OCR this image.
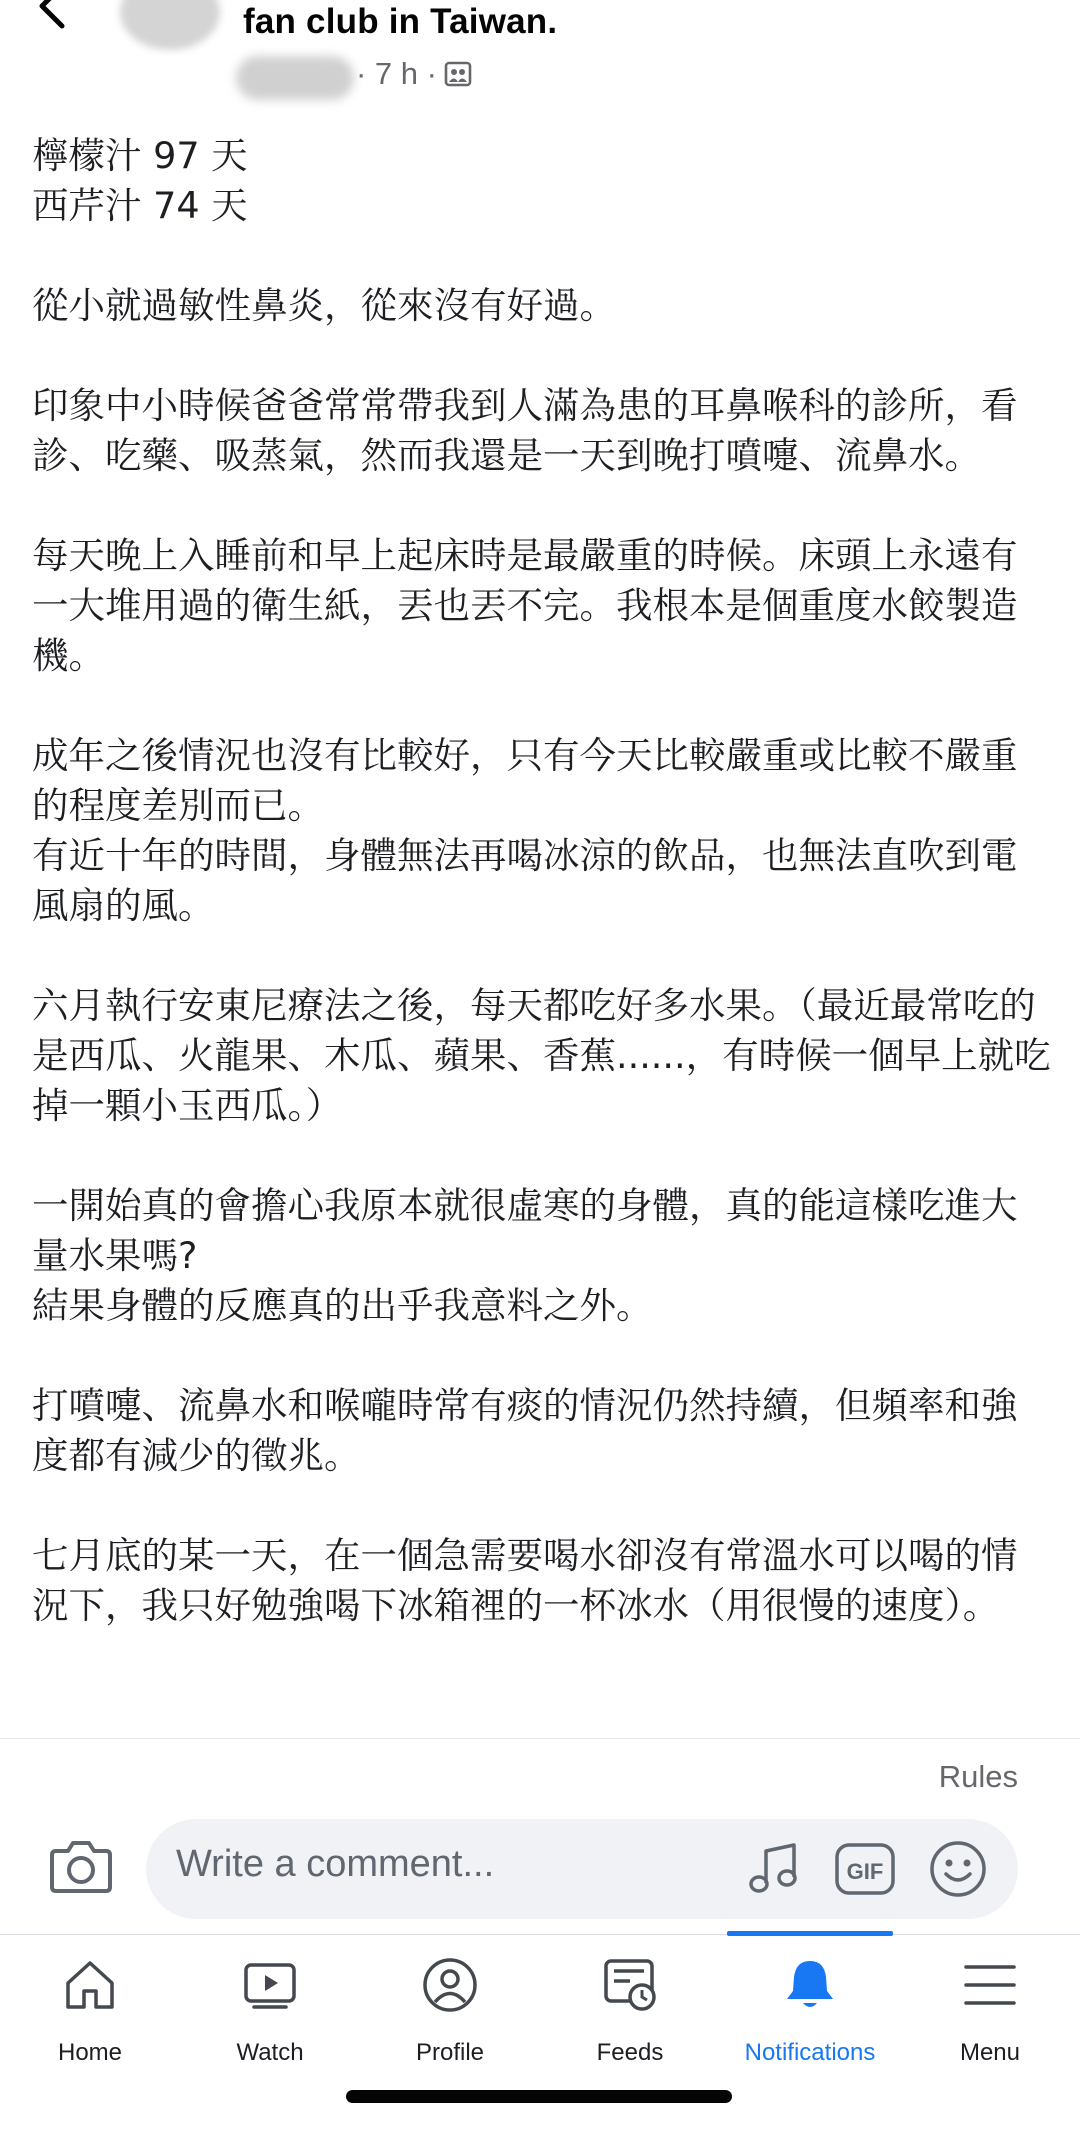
fan club in Taiwan.
· 7 h ·

檸檬汁 97 天
西芹汁 74 天

從小就過敏性鼻炎，從來沒有好過。

印象中小時候爸爸常常帶我到人滿為患的耳鼻喉科的診所，看診、吃藥、吸蒸氣，然而我還是一天到晚打噴嚏、流鼻水。

每天晚上入睡前和早上起床時是最嚴重的時候。床頭上永遠有一大堆用過的衛生紙，丟也丟不完。我根本是個重度水餃製造機。

成年之後情況也沒有比較好，只有今天比較嚴重或比較不嚴重的程度差別而已。
有近十年的時間，身體無法再喝冰涼的飲品，也無法直吹到電風扇的風。

六月執行安東尼療法之後，每天都吃好多水果。（最近最常吃的是西瓜、火龍果、木瓜、蘋果、香蕉......，有時候一個早上就吃掉一顆小玉西瓜。）

一開始真的會擔心我原本就很虛寒的身體，真的能這樣吃進大量水果嗎?
結果身體的反應真的出乎我意料之外。

打噴嚏、流鼻水和喉嚨時常有痰的情況仍然持續，但頻率和強度都有減少的徵兆。

七月底的某一天，在一個急需要喝水卻沒有常溫水可以喝的情況下，我只好勉強喝下冰箱裡的一杯冰水（用很慢的速度）。

Rules
Write a comment...	GIF
Home	Watch	Profile	Feeds	Notifications	Menu
